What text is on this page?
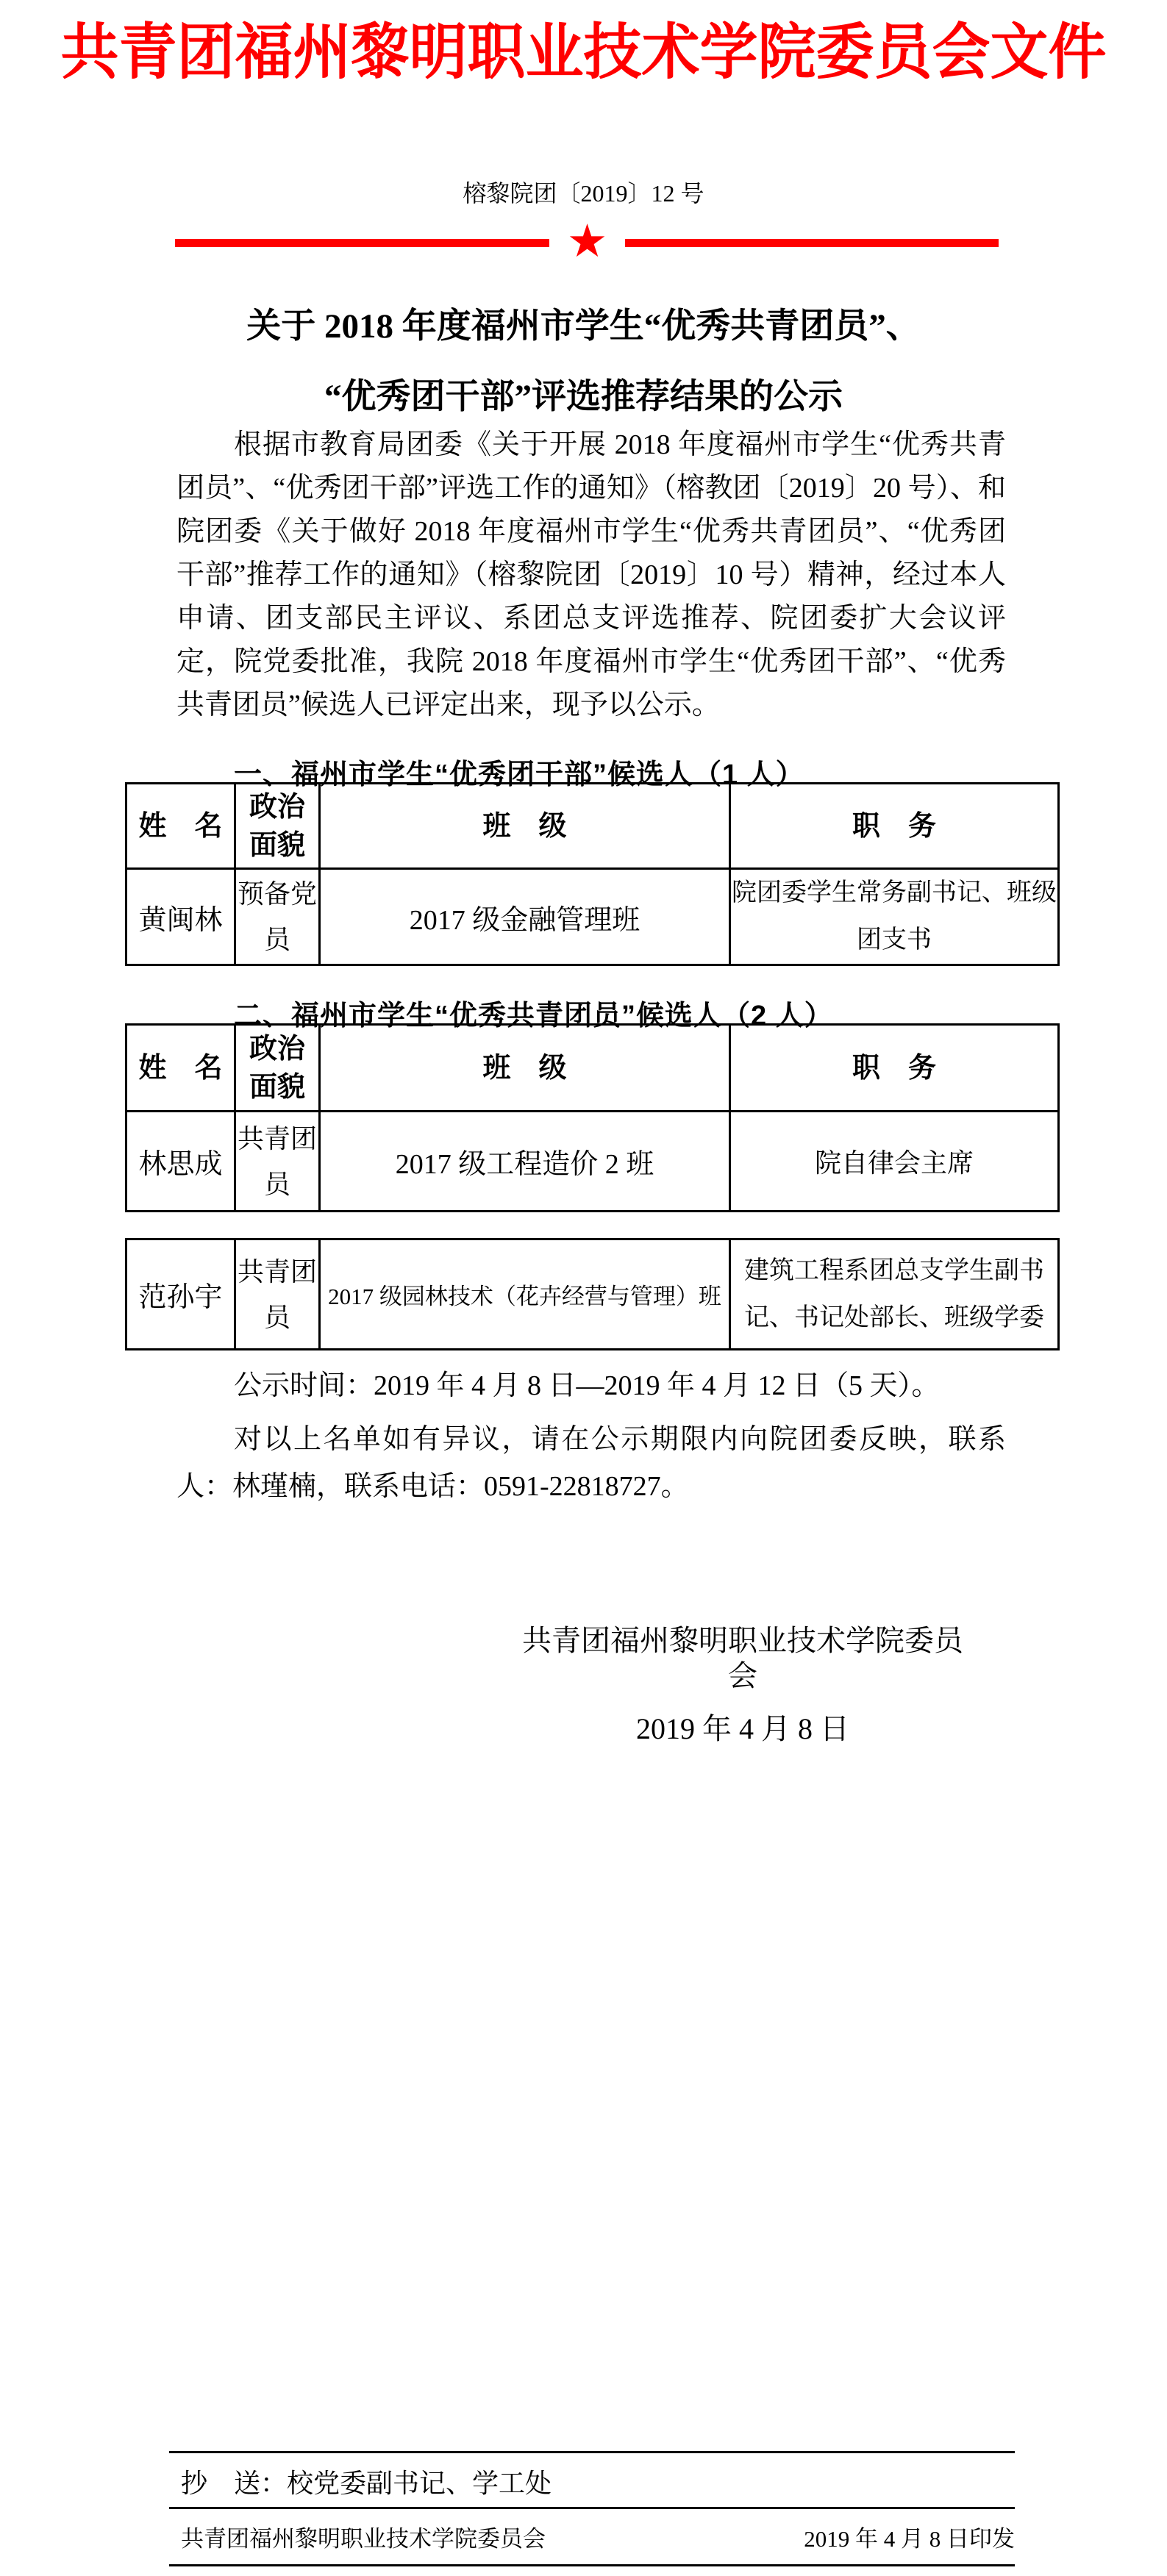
共青团福州黎明职业技术学院委员会文件
榕黎院团〔2019〕12 号
★
关于 2018 年度福州市学生“优秀共青团员”、
“优秀团干部”评选推荐结果的公示
根据市教育局团委《关于开展 2018 年度福州市学生“优秀共青团员”、“优秀团干部”评选工作的通知》（榕教团〔2019〕20 号）、和院团委《关于做好 2018 年度福州市学生“优秀共青团员”、“优秀团干部”推荐工作的通知》（榕黎院团〔2019〕10 号）精神，经过本人申请、团支部民主评议、系团总支评选推荐、院团委扩大会议评定，院党委批准，我院 2018 年度福州市学生“优秀团干部”、“优秀共青团员”候选人已评定出来，现予以公示。
一、福州市学生“优秀团干部”候选人（1 人）
姓　名	政治面貌	班　级	职　务
黄闽林	预备党员	2017 级金融管理班	院团委学生常务副书记、班级团支书
二、福州市学生“优秀共青团员”候选人（2 人）
姓　名	政治面貌	班　级	职　务
林思成	共青团员	2017 级工程造价 2 班	院自律会主席
范孙宇	共青团员	2017 级园林技术（花卉经营与管理）班	建筑工程系团总支学生副书记、书记处部长、班级学委
公示时间：2019 年 4 月 8 日—2019 年 4 月 12 日（5 天）。
对以上名单如有异议，请在公示期限内向院团委反映，联系人：林瑾楠，联系电话：0591-22818727。
共青团福州黎明职业技术学院委员会
2019 年 4 月 8 日
抄　送：校党委副书记、学工处
共青团福州黎明职业技术学院委员会	2019 年 4 月 8 日印发
